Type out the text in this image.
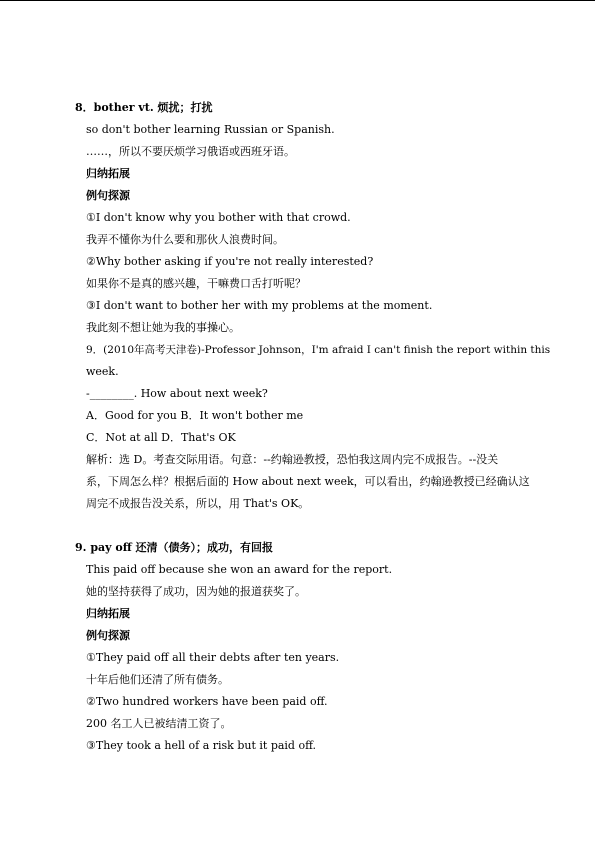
8．bother vt. 烦扰；打扰
so don't bother learning Russian or Spanish.
……，所以不要厌烦学习俄语或西班牙语。
归纳拓展
例句探源
①I don't know why you bother with that crowd.
我弄不懂你为什么要和那伙人浪费时间。
②Why bother asking if you're not really interested?
如果你不是真的感兴趣，干嘛费口舌打听呢？
③I don't want to bother her with my problems at the moment.
我此刻不想让她为我的事操心。
9．(2010年高考天津卷)-Professor Johnson，I'm afraid I can't finish the report within this
week.
-________. How about next week?
A．Good for you B．It won't bother me
C．Not at all D．That's OK
解析：选 D。考查交际用语。句意：--约翰逊教授，恐怕我这周内完不成报告。--没关
系，下周怎么样？根据后面的 How about next week，可以看出，约翰逊教授已经确认这
周完不成报告没关系，所以，用 That's OK。
9. pay off 还清（债务）；成功，有回报
This paid off because she won an award for the report.
她的坚持获得了成功，因为她的报道获奖了。
归纳拓展
例句探源
①They paid off all their debts after ten years.
十年后他们还清了所有债务。
②Two hundred workers have been paid off.
200 名工人已被结清工资了。
③They took a hell of a risk but it paid off.
